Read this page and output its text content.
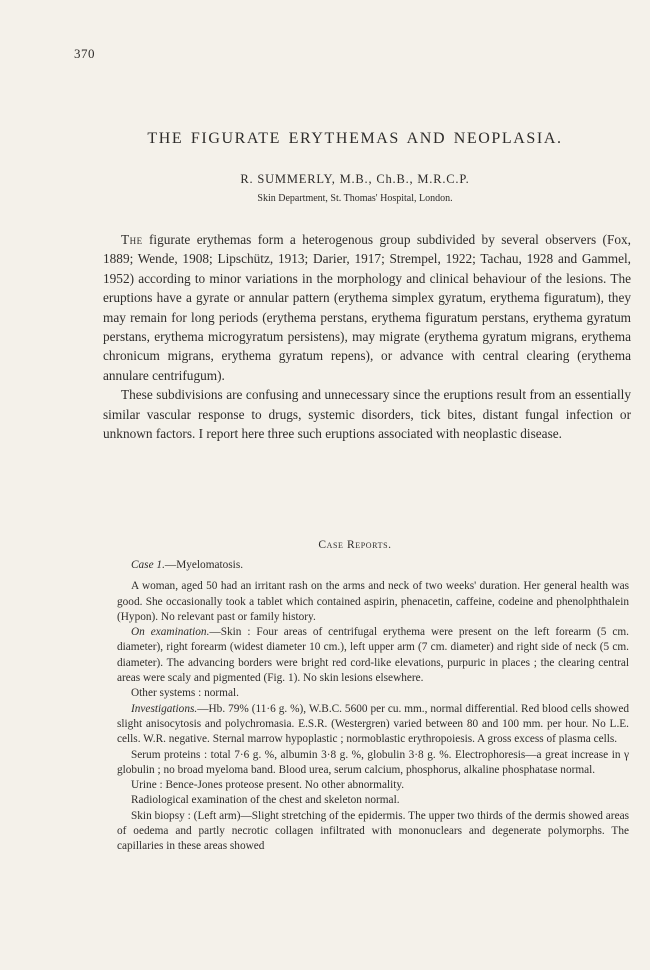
370
THE FIGURATE ERYTHEMAS AND NEOPLASIA.
R. SUMMERLY, M.B., Ch.B., M.R.C.P.
Skin Department, St. Thomas' Hospital, London.

The figurate erythemas form a heterogenous group subdivided by several observers (Fox, 1889; Wende, 1908; Lipschütz, 1913; Darier, 1917; Strempel, 1922; Tachau, 1928 and Gammel, 1952) according to minor variations in the morphology and clinical behaviour of the lesions. The eruptions have a gyrate or annular pattern (erythema simplex gyratum, erythema figuratum), they may remain for long periods (erythema perstans, erythema figuratum perstans, erythema gyratum perstans, erythema microgyratum persistens), may migrate (erythema gyratum migrans, erythema chronicum migrans, erythema gyratum repens), or advance with central clearing (erythema annulare centrifugum).

These subdivisions are confusing and unnecessary since the eruptions result from an essentially similar vascular response to drugs, systemic disorders, tick bites, distant fungal infection or unknown factors. I report here three such eruptions associated with neoplastic disease.

Case Reports.

Case 1.—Myelomatosis.

A woman, aged 50 had an irritant rash on the arms and neck of two weeks' duration. Her general health was good. She occasionally took a tablet which contained aspirin, phenacetin, caffeine, codeine and phenolphthalein (Hypon). No relevant past or family history.

On examination.—Skin : Four areas of centrifugal erythema were present on the left forearm (5 cm. diameter), right forearm (widest diameter 10 cm.), left upper arm (7 cm. diameter) and right side of neck (5 cm. diameter). The advancing borders were bright red cord-like elevations, purpuric in places ; the clearing central areas were scaly and pigmented (Fig. 1). No skin lesions elsewhere.

Other systems : normal.

Investigations.—Hb. 79% (11·6 g. %), W.B.C. 5600 per cu. mm., normal differential. Red blood cells showed slight anisocytosis and polychromasia. E.S.R. (Westergren) varied between 80 and 100 mm. per hour. No L.E. cells. W.R. negative. Sternal marrow hypoplastic ; normoblastic erythropoiesis. A gross excess of plasma cells.

Serum proteins : total 7·6 g. %, albumin 3·8 g. %, globulin 3·8 g. %. Electrophoresis—a great increase in γ globulin ; no broad myeloma band. Blood urea, serum calcium, phosphorus, alkaline phosphatase normal.

Urine : Bence-Jones proteose present. No other abnormality.

Radiological examination of the chest and skeleton normal.

Skin biopsy : (Left arm)—Slight stretching of the epidermis. The upper two thirds of the dermis showed areas of oedema and partly necrotic collagen infiltrated with mononuclears and degenerate polymorphs. The capillaries in these areas showed
